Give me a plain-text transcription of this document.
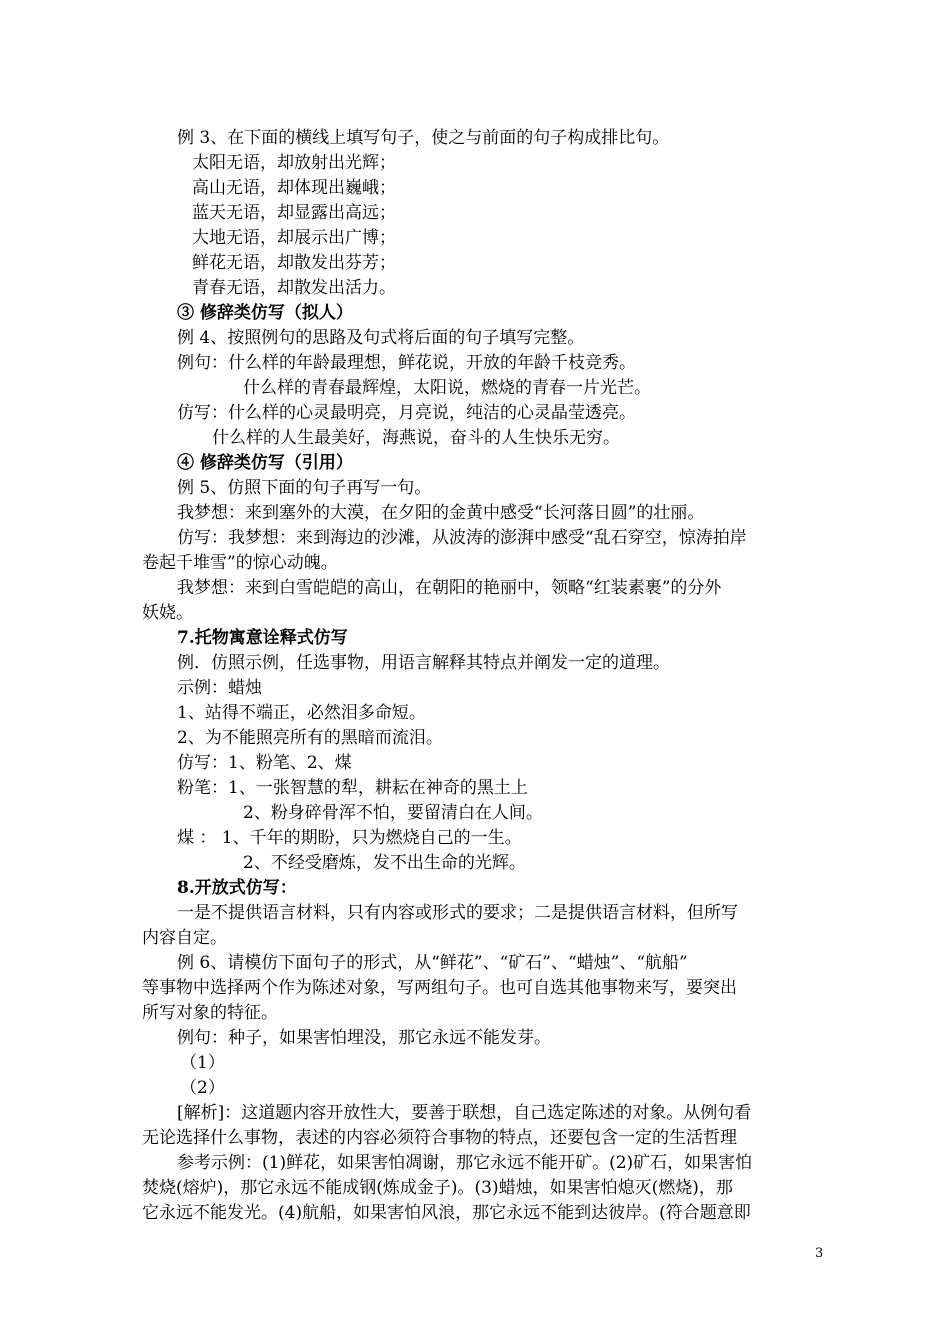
例 3、在下面的横线上填写句子，使之与前面的句子构成排比句。
太阳无语，却放射出光辉；
高山无语，却体现出巍峨；
蓝天无语，却显露出高远；
大地无语，却展示出广博；
鲜花无语，却散发出芬芳；
青春无语，却散发出活力。
③ 修辞类仿写（拟人）
例 4、按照例句的思路及句式将后面的句子填写完整。
例句：什么样的年龄最理想，鲜花说，开放的年龄千枝竞秀。
什么样的青春最辉煌，太阳说，燃烧的青春一片光芒。
仿写：什么样的心灵最明亮，月亮说，纯洁的心灵晶莹透亮。
什么样的人生最美好，海燕说，奋斗的人生快乐无穷。
④ 修辞类仿写（引用）
例 5、仿照下面的句子再写一句。
我梦想：来到塞外的大漠，在夕阳的金黄中感受“长河落日圆”的壮丽。
仿写：我梦想：来到海边的沙滩，从波涛的澎湃中感受“乱石穿空，惊涛拍岸
卷起千堆雪”的惊心动魄。
我梦想：来到白雪皑皑的高山，在朝阳的艳丽中，领略“红装素裹”的分外
妖娆。
7.托物寓意诠释式仿写
例．仿照示例，任选事物，用语言解释其特点并阐发一定的道理。
示例：蜡烛
1、站得不端正，必然泪多命短。
2、为不能照亮所有的黑暗而流泪。
仿写：1、粉笔、2、煤
粉笔：1、一张智慧的犁，耕耘在神奇的黑土上
2、粉身碎骨浑不怕，要留清白在人间。
煤 ： 1、千年的期盼，只为燃烧自己的一生。
2、不经受磨炼，发不出生命的光辉。
8.开放式仿写：
一是不提供语言材料，只有内容或形式的要求；二是提供语言材料，但所写
内容自定。
例 6、请模仿下面句子的形式，从“鲜花”、“矿石”、“蜡烛”、“航船”
等事物中选择两个作为陈述对象，写两组句子。也可自选其他事物来写，要突出
所写对象的特征。
例句：种子，如果害怕埋没，那它永远不能发芽。
（1）
（2）
[解析]：这道题内容开放性大，要善于联想，自己选定陈述的对象。从例句看
无论选择什么事物，表述的内容必须符合事物的特点，还要包含一定的生活哲理
参考示例：(1)鲜花，如果害怕凋谢，那它永远不能开矿。(2)矿石，如果害怕
焚烧(熔炉)，那它永远不能成钢(炼成金子)。(3)蜡烛，如果害怕熄灭(燃烧)，那
它永远不能发光。(4)航船，如果害怕风浪，那它永远不能到达彼岸。(符合题意即
3
